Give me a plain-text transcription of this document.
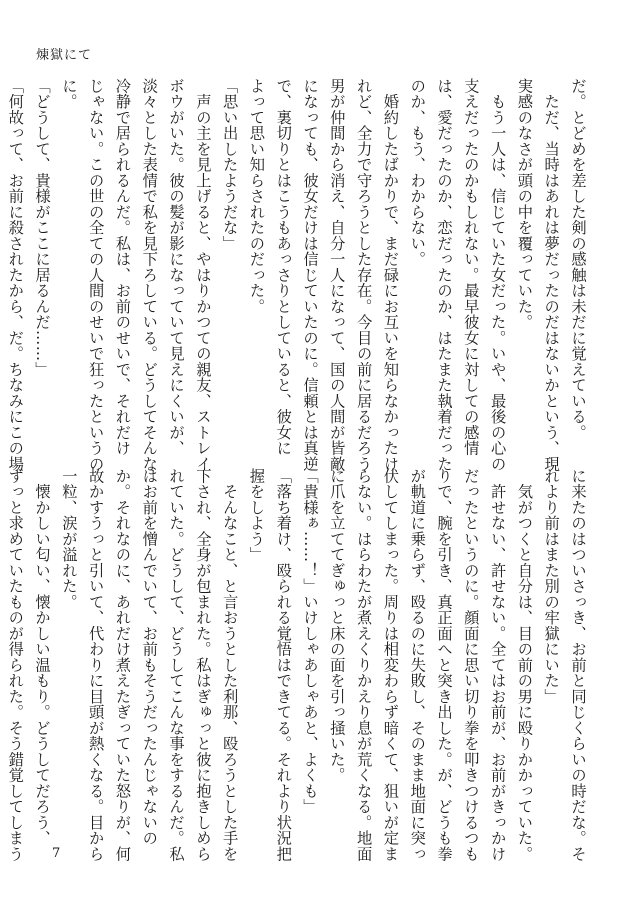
煉獄にて
だ。とどめを差した剣の感触は未だに覚えている。
　ただ、当時はあれは夢だったのだはないかという、現
実感のなさが頭の中を覆っていた。
　もう一人は、信じていた女だった。いや、最後の心の
支えだったのかもしれない。最早彼女に対しての感情
は、愛だったのか、恋だったのか、はたまた執着だった
のか、もう、わからない。
　婚約したばかりで、まだ碌にお互いを知らなかったけ
れど、全力で守ろうとした存在。今目の前に居るだろう
男が仲間から消え、自分一人になって、国の人間が皆敵
になっても、彼女だけは信じていたのに。信頼とは真逆
で、裏切りとはこうもあっさりとしていると、彼女に
よって思い知らされたのだった。
「思い出したようだな」
　声の主を見上げると、やはりかつての親友、ストレイ
ボウがいた。彼の髪が影になっていて見えにくいが、
淡々とした表情で私を見下ろしている。どうしてそんな
冷静で居られるんだ。私は、お前のせいで、それだけ
じゃない。この世の全ての人間のせいで狂ったというの
に。
「どうして、貴様がここに居るんだ……」
「何故って、お前に殺されたから、だ。ちなみにこの場
に来たのはついさっき、お前と同じくらいの時だな。そ
れより前はまた別の牢獄にいた」
　気がつくと自分は、目の前の男に殴りかかっていた。
　許せない、許せない。全てはお前が、お前がきっかけ
だったというのに。顔面に思い切り拳を叩きつけるつも
りで、腕を引き、真正面へと突き出した。が、どうも拳
が軌道に乗らず、殴るのに失敗し、そのまま地面に突っ
伏してしまった。周りは相変わらず暗くて、狙いが定ま
らない。はらわたが煮えくりかえり息が荒くなる。地面
に爪を立ててぎゅっと床の面を引っ掻いた。
「貴様ぁ……！」いけしゃあしゃあと、よくも」
「落ち着け、殴られる覚悟はできてる。それより状況把
握をしよう」
　そんなこと、と言おうとした利那、殴ろうとした手を
下され、全身が包まれた。私はぎゅっと彼に抱きしめら
れていた。どうして、どうしてこんな事をするんだ。私
はお前を憎んでいて、お前もそうだったんじゃないの
か。それなのに、あれだけ煮えたぎっていた怒りが、何
故かすうっと引いて、代わりに目頭が熱くなる。目から
一粒、涙が溢れた。
　懐かしい匂い、懐かしい温もり。どうしてだろう、
ずっと求めていたものが得られた。そう錯覚してしまう	7
